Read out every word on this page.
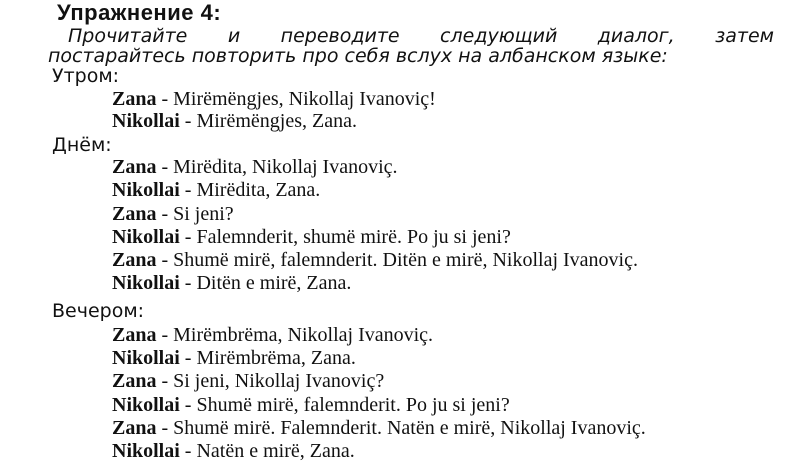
Упражнение 4:
Прочитайте и переводите следующий диалог, затем
постарайтесь повторить про себя вслух на албанском языке:
Утром:
Zana - Mirëmëngjes, Nikollaj Ivanoviç!
Nikollai - Mirëmëngjes, Zana.
Днём:
Zana - Mirëdita, Nikollaj Ivanoviç.
Nikollai - Mirëdita, Zana.
Zana - Si jeni?
Nikollai - Falemnderit, shumë mirë. Po ju si jeni?
Zana - Shumë mirë, falemnderit. Ditën e mirë, Nikollaj Ivanoviç.
Nikollai - Ditën e mirë, Zana.
Вечером:
Zana - Mirëmbrëma, Nikollaj Ivanoviç.
Nikollai - Mirëmbrëma, Zana.
Zana - Si jeni, Nikollaj Ivanoviç?
Nikollai - Shumë mirë, falemnderit. Po ju si jeni?
Zana - Shumë mirë. Falemnderit. Natën e mirë, Nikollaj Ivanoviç.
Nikollai - Natën e mirë, Zana.
